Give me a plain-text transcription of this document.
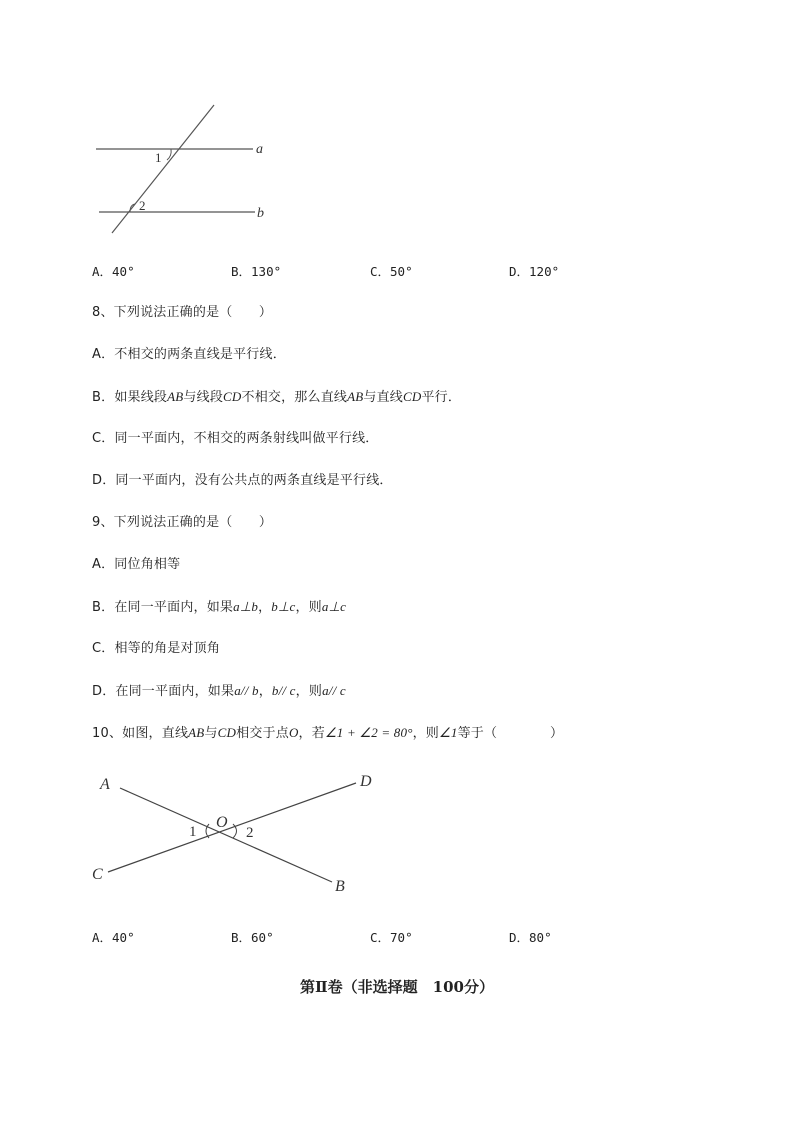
1
2
a
b
A．40°	B．130°	C．50°	D．120°
8、下列说法正确的是（　　）
A．不相交的两条直线是平行线．
B．如果线段AB与线段CD不相交，那么直线AB与直线CD平行．
C．同一平面内，不相交的两条射线叫做平行线．
D．同一平面内，没有公共点的两条直线是平行线．
9、下列说法正确的是（　　）
A．同位角相等
B．在同一平面内，如果a⊥b，b⊥c，则a⊥c
C．相等的角是对顶角
D．在同一平面内，如果a// b，b// c，则a// c
10、如图，直线AB与CD相交于点O，若∠1 + ∠2 = 80°，则∠1等于（　　　　）
A	D
C
B
O
1	2
A．40°	B．60°	C．70°	D．80°
第Ⅱ卷（非选择题　100分）
